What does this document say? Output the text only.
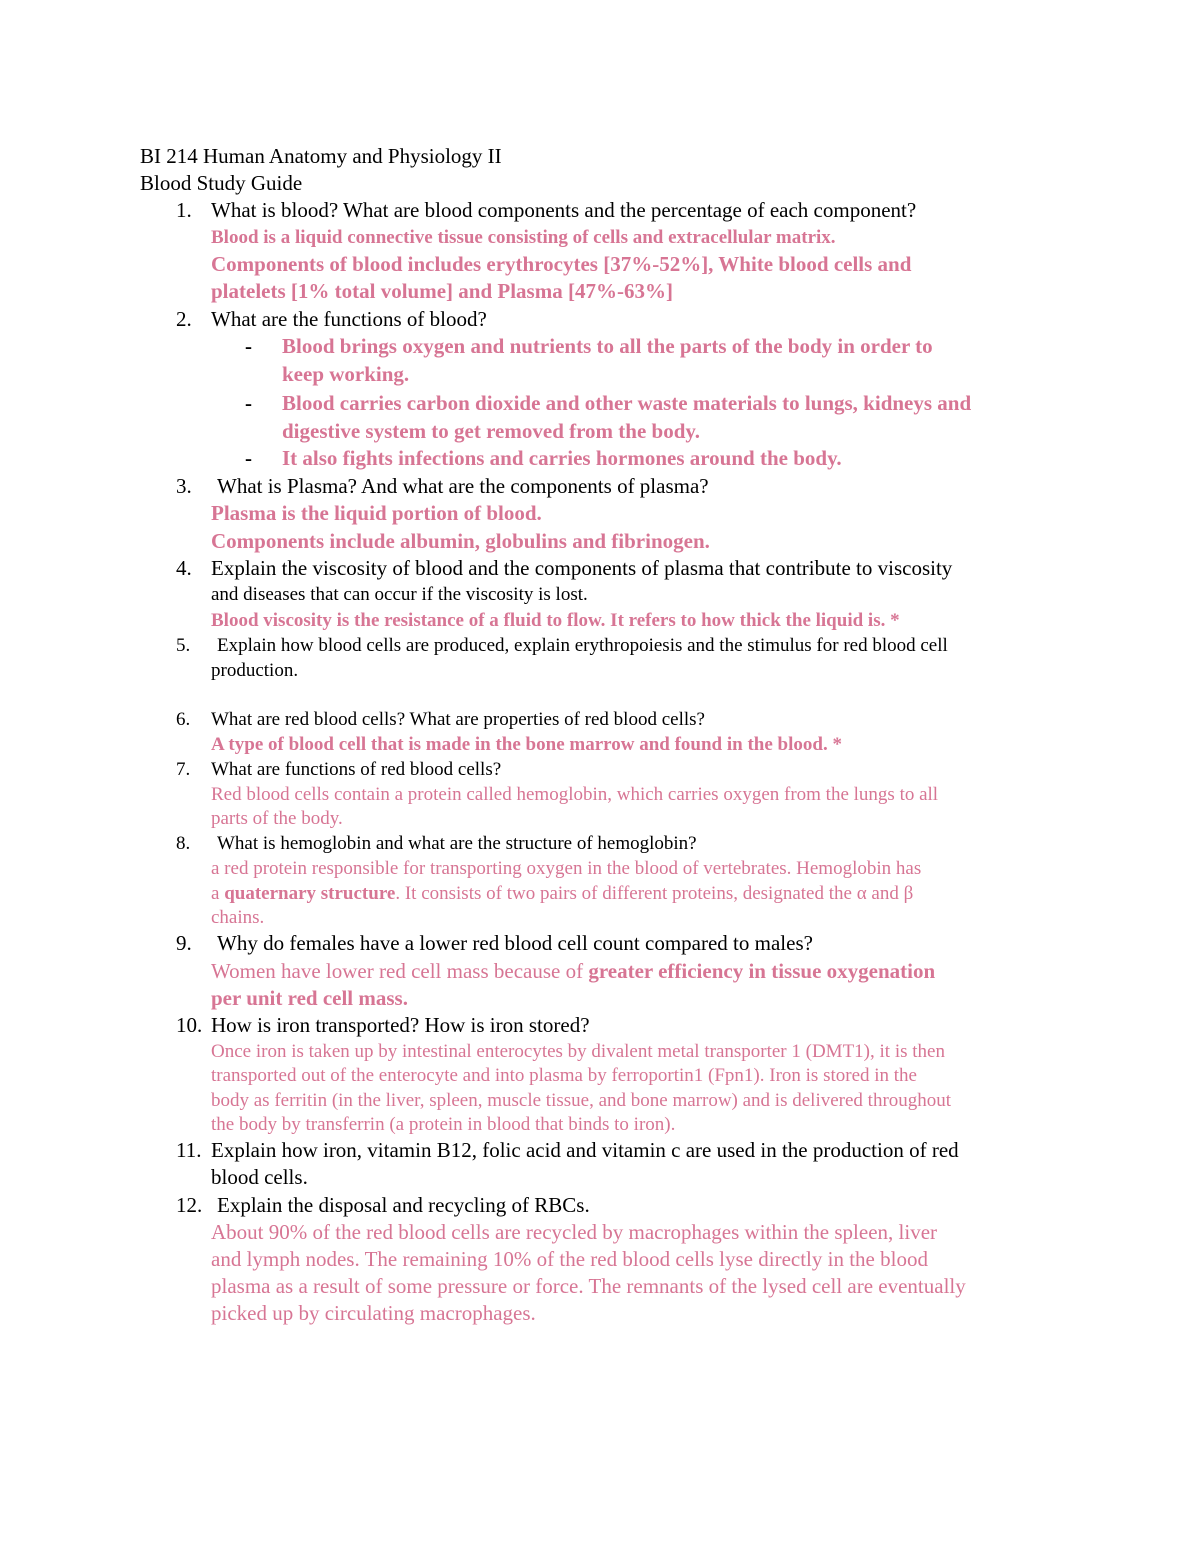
BI 214 Human Anatomy and Physiology II
Blood Study Guide
1. What is blood? What are blood components and the percentage of each component?
Blood is a liquid connective tissue consisting of cells and extracellular matrix.
Components of blood includes erythrocytes [37%-52%], White blood cells and
platelets [1% total volume] and Plasma [47%-63%]
2. What are the functions of blood?
- Blood brings oxygen and nutrients to all the parts of the body in order to
keep working.
- Blood carries carbon dioxide and other waste materials to lungs, kidneys and
digestive system to get removed from the body.
- It also fights infections and carries hormones around the body.
3. What is Plasma? And what are the components of plasma?
Plasma is the liquid portion of blood.
Components include albumin, globulins and fibrinogen.
4. Explain the viscosity of blood and the components of plasma that contribute to viscosity
and diseases that can occur if the viscosity is lost.
Blood viscosity is the resistance of a fluid to flow. It refers to how thick the liquid is. *
5. Explain how blood cells are produced, explain erythropoiesis and the stimulus for red blood cell
production.
6. What are red blood cells? What are properties of red blood cells?
A type of blood cell that is made in the bone marrow and found in the blood. *
7. What are functions of red blood cells?
Red blood cells contain a protein called hemoglobin, which carries oxygen from the lungs to all
parts of the body.
8. What is hemoglobin and what are the structure of hemoglobin?
a red protein responsible for transporting oxygen in the blood of vertebrates. Hemoglobin has
a quaternary structure. It consists of two pairs of different proteins, designated the α and β
chains.
9. Why do females have a lower red blood cell count compared to males?
Women have lower red cell mass because of greater efficiency in tissue oxygenation
per unit red cell mass.
10. How is iron transported? How is iron stored?
Once iron is taken up by intestinal enterocytes by divalent metal transporter 1 (DMT1), it is then
transported out of the enterocyte and into plasma by ferroportin1 (Fpn1). Iron is stored in the
body as ferritin (in the liver, spleen, muscle tissue, and bone marrow) and is delivered throughout
the body by transferrin (a protein in blood that binds to iron).
11. Explain how iron, vitamin B12, folic acid and vitamin c are used in the production of red
blood cells.
12. Explain the disposal and recycling of RBCs.
About 90% of the red blood cells are recycled by macrophages within the spleen, liver
and lymph nodes. The remaining 10% of the red blood cells lyse directly in the blood
plasma as a result of some pressure or force. The remnants of the lysed cell are eventually
picked up by circulating macrophages.
